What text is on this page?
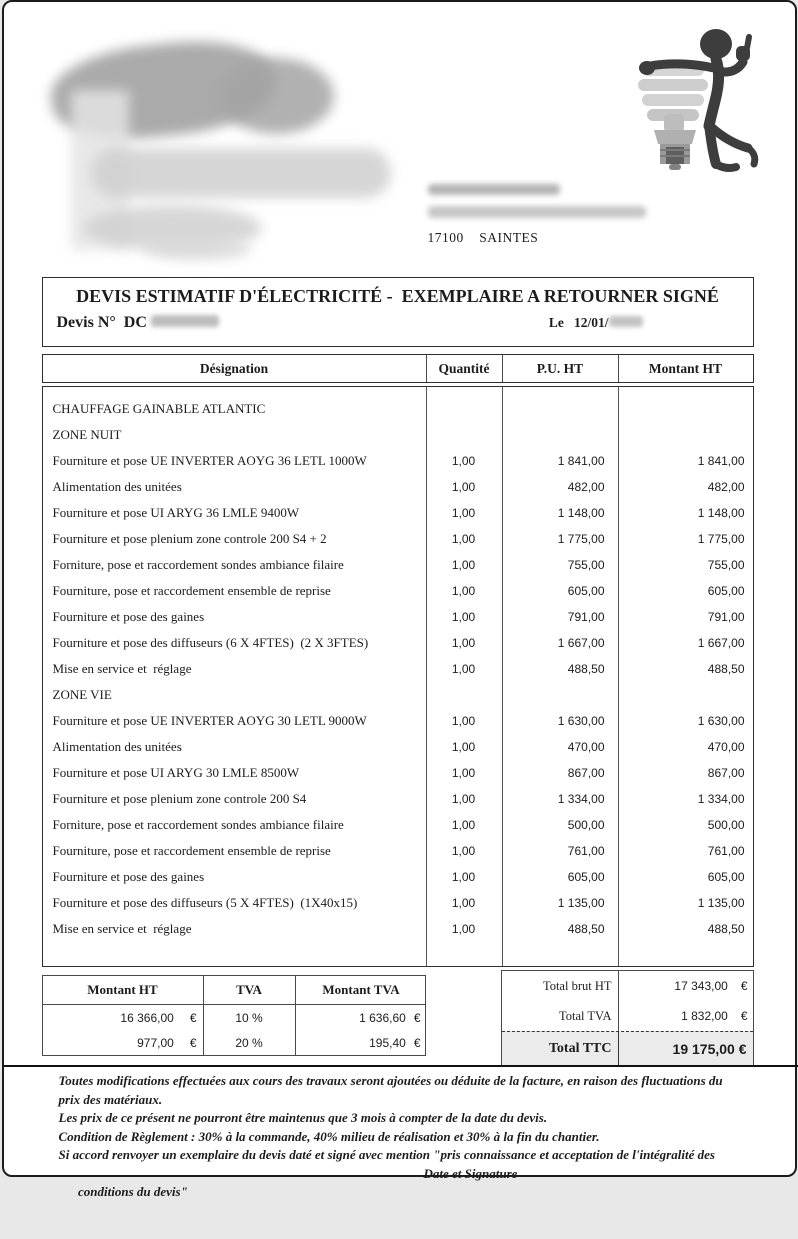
17100    SAINTES
DEVIS ESTIMATIF D'ÉLECTRICITÉ -  EXEMPLAIRE A RETOURNER SIGNÉ
Devis N°  DC	Le   12/01/
Désignation	Quantité	P.U. HT	Montant HT
CHAUFFAGE GAINABLE ATLANTIC
ZONE NUIT
Fourniture et pose UE INVERTER AOYG 36 LETL 1000W	1,00	1 841,00	1 841,00
Alimentation des unitées	1,00	482,00	482,00
Fourniture et pose UI ARYG 36 LMLE 9400W	1,00	1 148,00	1 148,00
Fourniture et pose plenium zone controle 200 S4 + 2	1,00	1 775,00	1 775,00
Forniture, pose et raccordement sondes ambiance filaire	1,00	755,00	755,00
Fourniture, pose et raccordement ensemble de reprise	1,00	605,00	605,00
Fourniture et pose des gaines	1,00	791,00	791,00
Fourniture et pose des diffuseurs (6 X 4FTES)  (2 X 3FTES)	1,00	1 667,00	1 667,00
Mise en service et  réglage	1,00	488,50	488,50
ZONE VIE
Fourniture et pose UE INVERTER AOYG 30 LETL 9000W	1,00	1 630,00	1 630,00
Alimentation des unitées	1,00	470,00	470,00
Fourniture et pose UI ARYG 30 LMLE 8500W	1,00	867,00	867,00
Fourniture et pose plenium zone controle 200 S4	1,00	1 334,00	1 334,00
Forniture, pose et raccordement sondes ambiance filaire	1,00	500,00	500,00
Fourniture, pose et raccordement ensemble de reprise	1,00	761,00	761,00
Fourniture et pose des gaines	1,00	605,00	605,00
Fourniture et pose des diffuseurs (5 X 4FTES)  (1X40x15)	1,00	1 135,00	1 135,00
Mise en service et  réglage	1,00	488,50	488,50
Montant HT	TVA	Montant TVA
16 366,00 €	10 %	1 636,60 €
977,00 €	20 %	195,40 €
Total brut HT	17 343,00 €
Total TVA	1 832,00 €
Total TTC	19 175,00 €
Toutes modifications effectuées aux cours des travaux seront ajoutées ou déduite de la facture, en raison des fluctuations du
prix des matériaux.
Les prix de ce présent ne pourront être maintenus que 3 mois à compter de la date du devis.
Condition de Règlement : 30% à la commande, 40% milieu de réalisation et 30% à la fin du chantier.
Si accord renvoyer un exemplaire du devis daté et signé avec mention "pris connaissance et acceptation de l'intégralité des

conditions du devis"

Date et Signature
